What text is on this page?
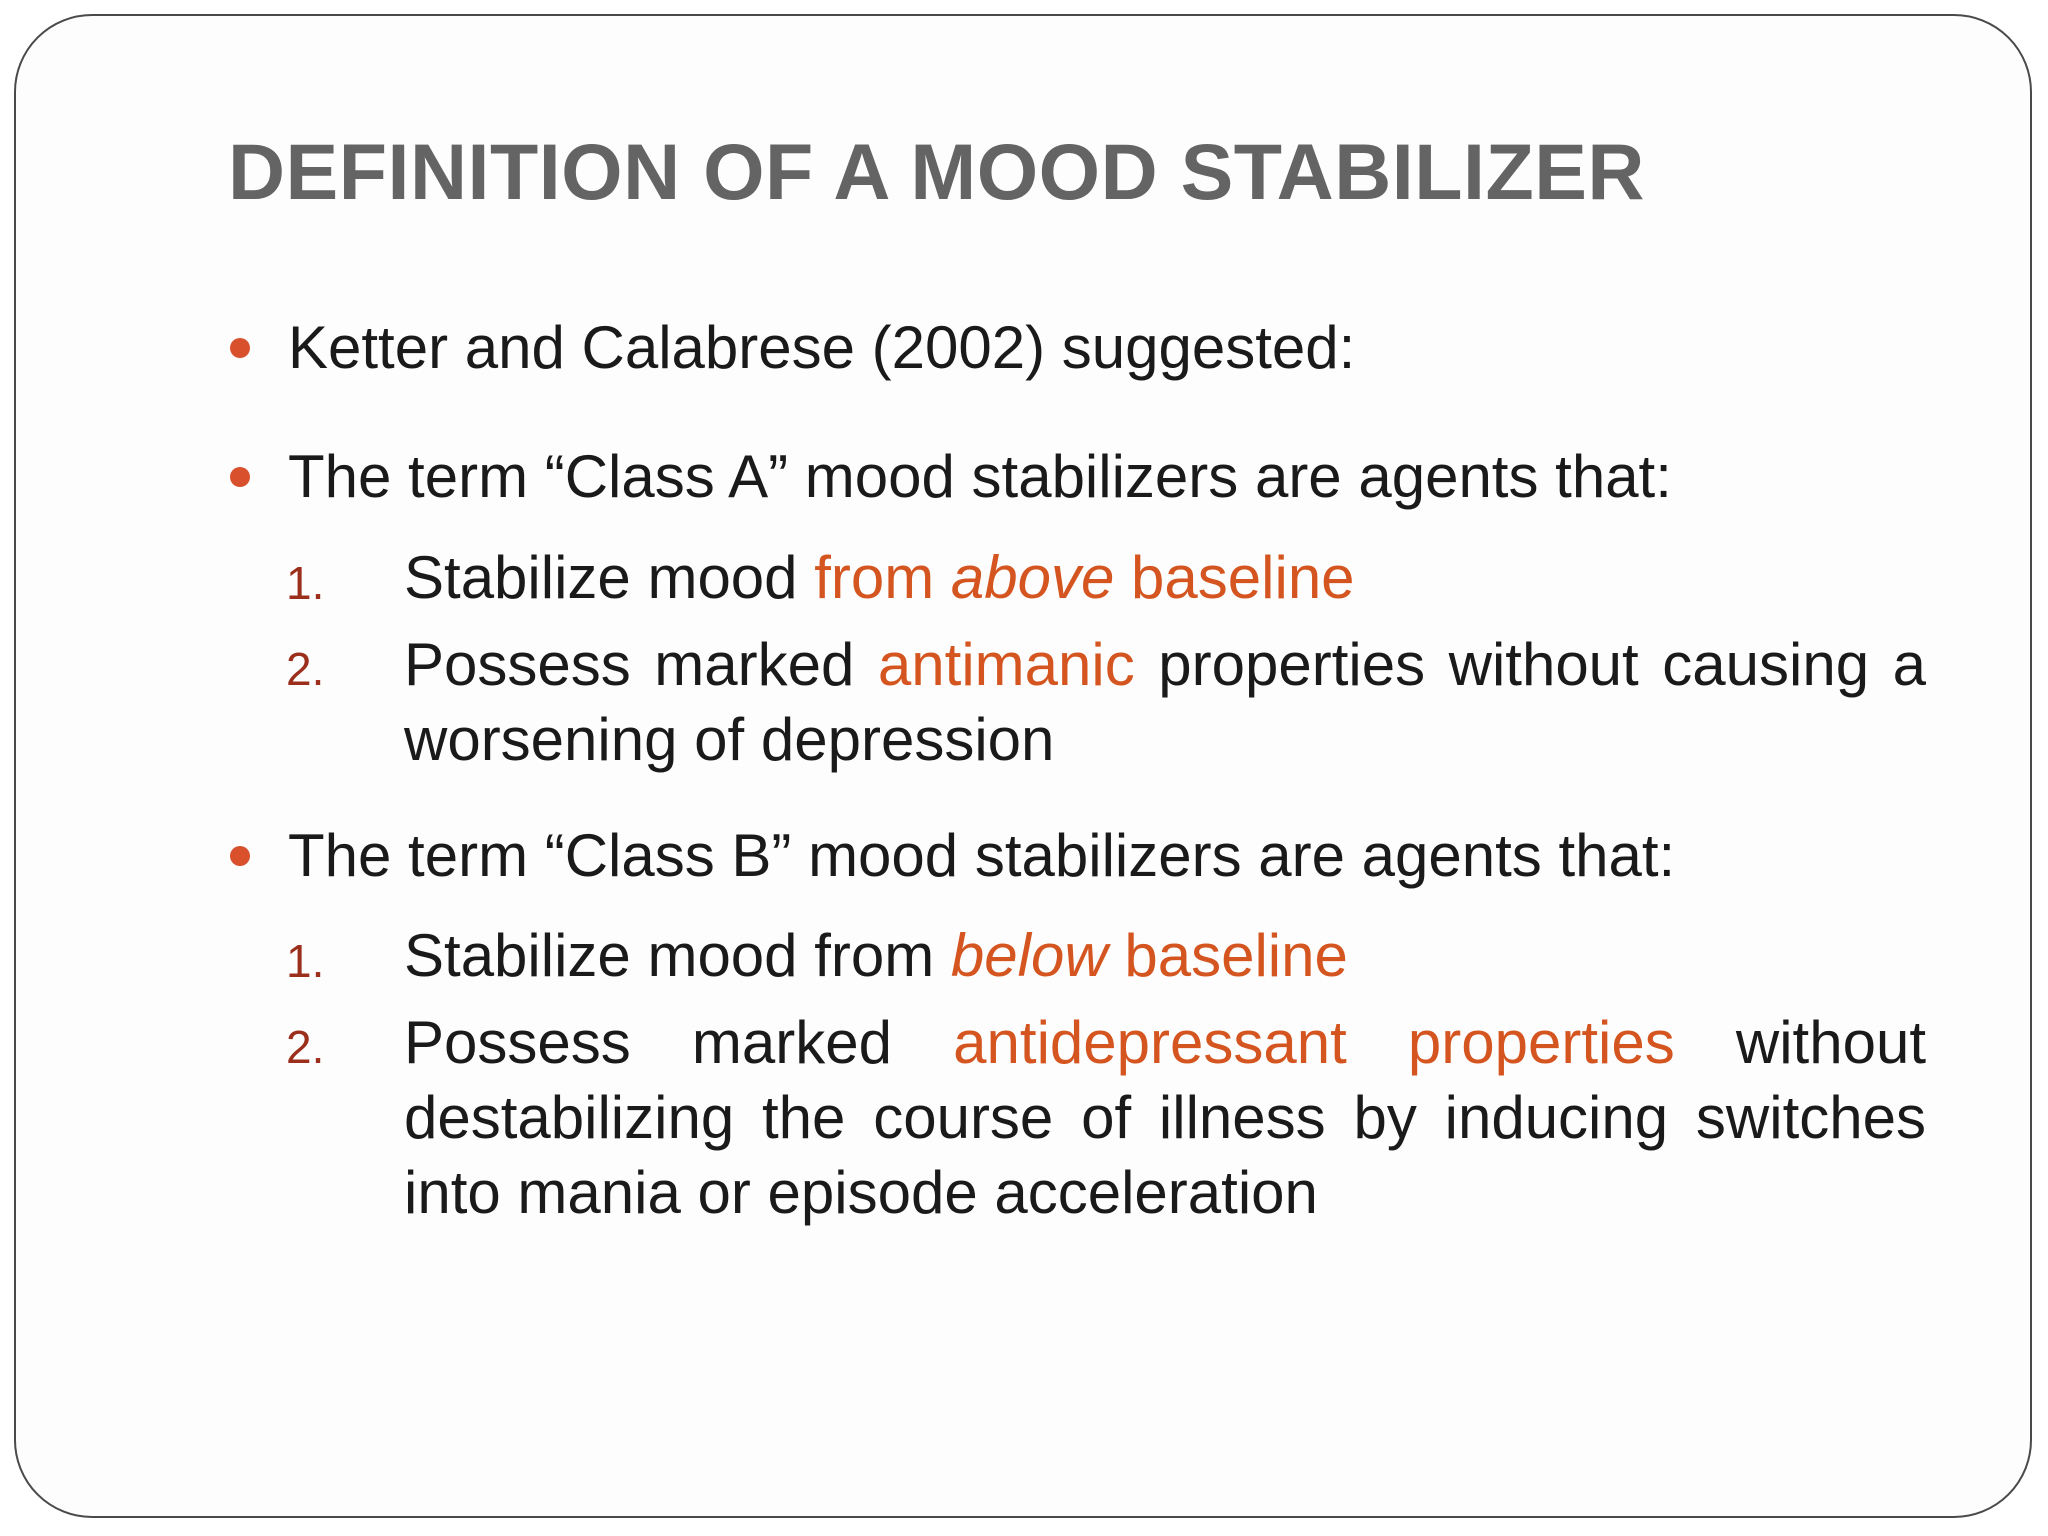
DEFINITION OF A MOOD STABILIZER
Ketter and Calabrese (2002) suggested:
The term “Class A” mood stabilizers are agents that:
1. Stabilize mood from above baseline
2. Possess marked antimanic properties without causing a worsening of depression
The term “Class B” mood stabilizers are agents that:
1. Stabilize mood from below baseline
2. Possess marked antidepressant properties without destabilizing the course of illness by inducing switches into mania or episode acceleration
